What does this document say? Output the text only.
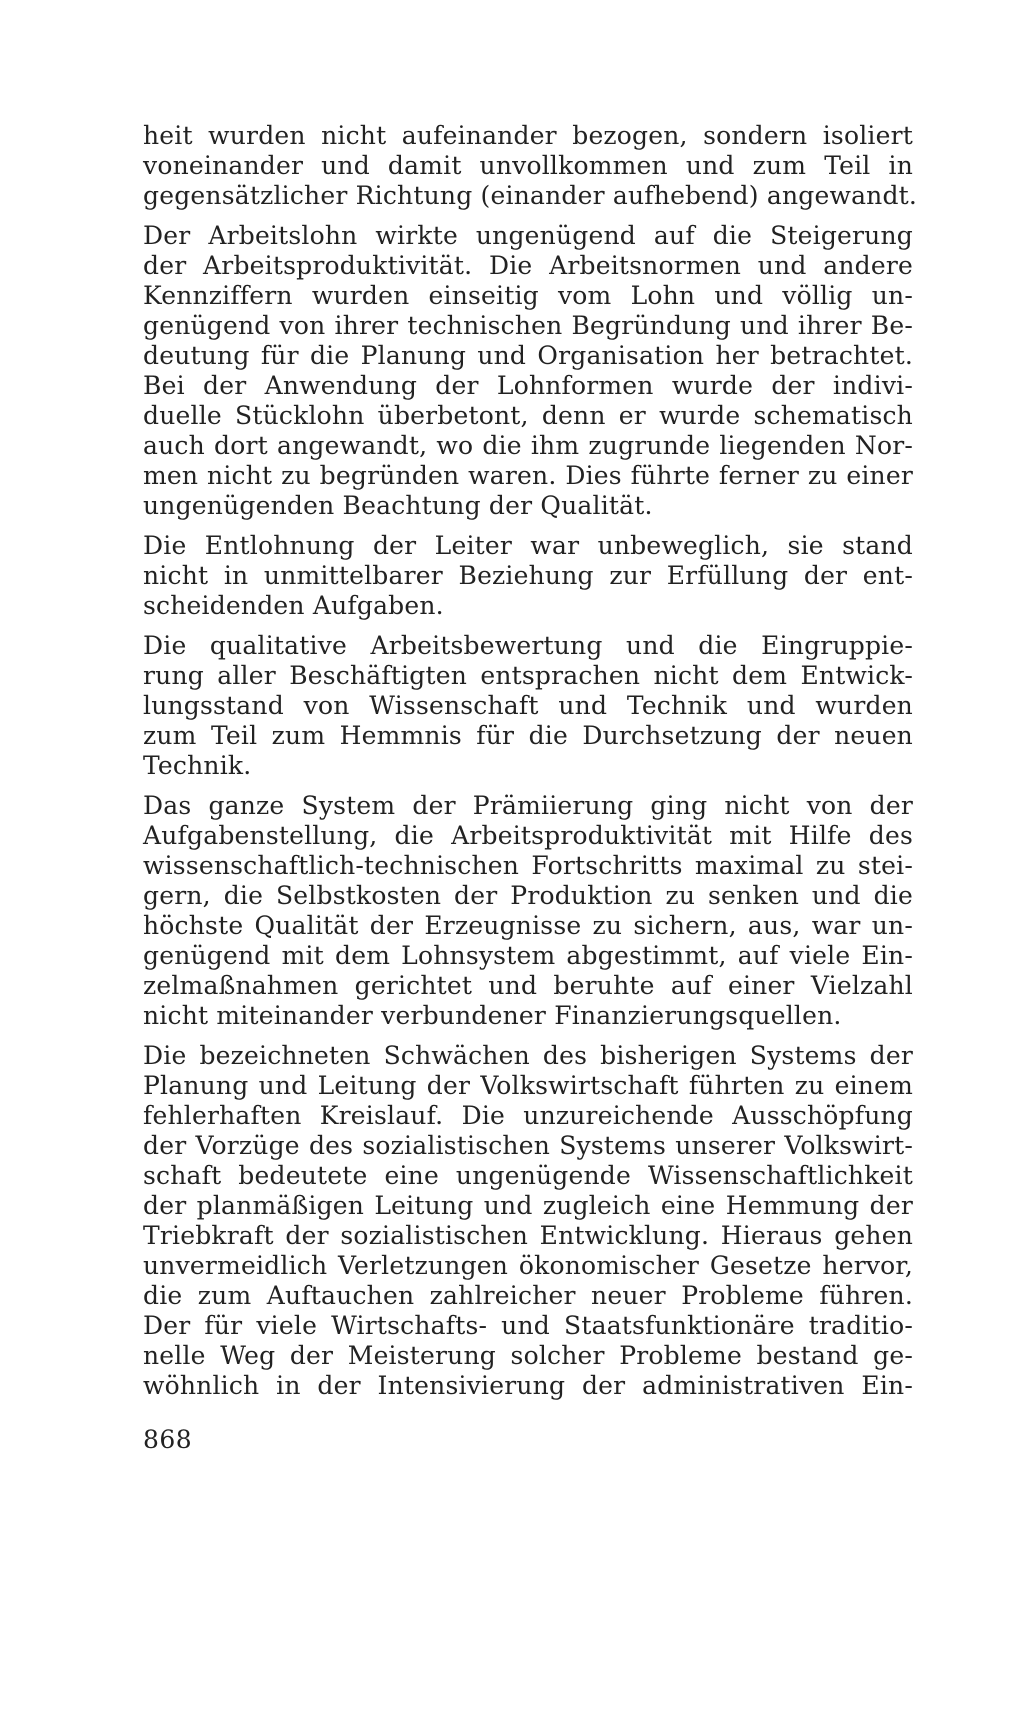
heit wurden nicht aufeinander bezogen, sondern isoliert
voneinander und damit unvollkommen und zum Teil in
gegensätzlicher Richtung (einander aufhebend) angewandt.
Der Arbeitslohn wirkte ungenügend auf die Steigerung
der Arbeitsproduktivität. Die Arbeitsnormen und andere
Kennziffern wurden einseitig vom Lohn und völlig un-
genügend von ihrer technischen Begründung und ihrer Be-
deutung für die Planung und Organisation her betrachtet.
Bei der Anwendung der Lohnformen wurde der indivi-
duelle Stücklohn überbetont, denn er wurde schematisch
auch dort angewandt, wo die ihm zugrunde liegenden Nor-
men nicht zu begründen waren. Dies führte ferner zu einer
ungenügenden Beachtung der Qualität.
Die Entlohnung der Leiter war unbeweglich, sie stand
nicht in unmittelbarer Beziehung zur Erfüllung der ent-
scheidenden Aufgaben.
Die qualitative Arbeitsbewertung und die Eingruppie-
rung aller Beschäftigten entsprachen nicht dem Entwick-
lungsstand von Wissenschaft und Technik und wurden
zum Teil zum Hemmnis für die Durchsetzung der neuen
Technik.
Das ganze System der Prämiierung ging nicht von der
Aufgabenstellung, die Arbeitsproduktivität mit Hilfe des
wissenschaftlich-technischen Fortschritts maximal zu stei-
gern, die Selbstkosten der Produktion zu senken und die
höchste Qualität der Erzeugnisse zu sichern, aus, war un-
genügend mit dem Lohnsystem abgestimmt, auf viele Ein-
zelmaßnahmen gerichtet und beruhte auf einer Vielzahl
nicht miteinander verbundener Finanzierungsquellen.
Die bezeichneten Schwächen des bisherigen Systems der
Planung und Leitung der Volkswirtschaft führten zu einem
fehlerhaften Kreislauf. Die unzureichende Ausschöpfung
der Vorzüge des sozialistischen Systems unserer Volkswirt-
schaft bedeutete eine ungenügende Wissenschaftlichkeit
der planmäßigen Leitung und zugleich eine Hemmung der
Triebkraft der sozialistischen Entwicklung. Hieraus gehen
unvermeidlich Verletzungen ökonomischer Gesetze hervor,
die zum Auftauchen zahlreicher neuer Probleme führen.
Der für viele Wirtschafts- und Staatsfunktionäre traditio-
nelle Weg der Meisterung solcher Probleme bestand ge-
wöhnlich in der Intensivierung der administrativen Ein-
868
